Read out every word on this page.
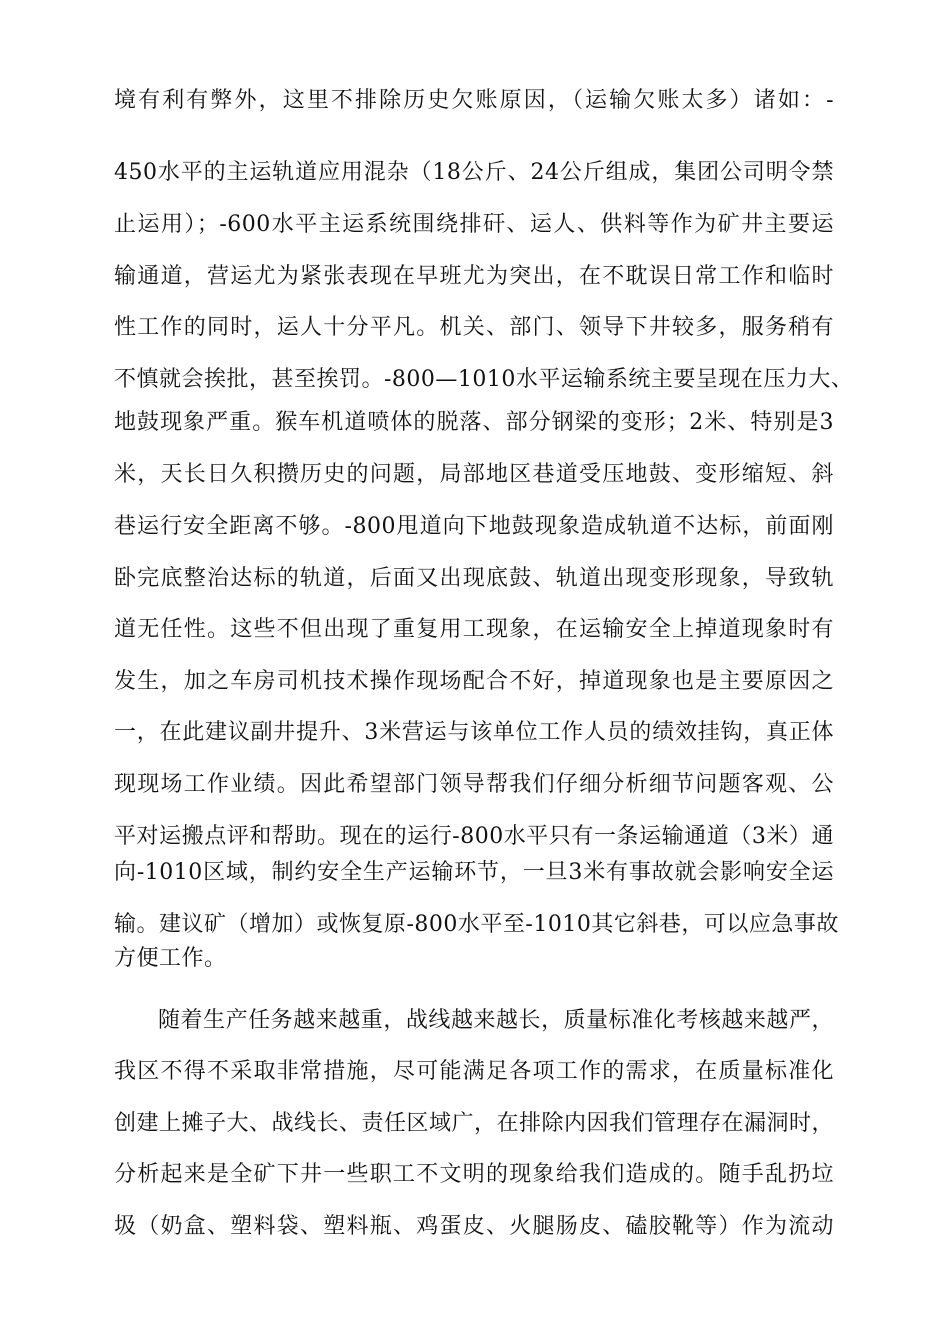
境有利有弊外，这里不排除历史欠账原因，（运输欠账太多）诸如：-
450水平的主运轨道应用混杂（18公斤、24公斤组成，集团公司明令禁
止运用）；-600水平主运系统围绕排矸、运人、供料等作为矿井主要运
输通道，营运尤为紧张表现在早班尤为突出，在不耽误日常工作和临时
性工作的同时，运人十分平凡。机关、部门、领导下井较多，服务稍有
不慎就会挨批，甚至挨罚。-800—1010水平运输系统主要呈现在压力大、
地鼓现象严重。猴车机道喷体的脱落、部分钢梁的变形；2米、特别是3
米，天长日久积攒历史的问题，局部地区巷道受压地鼓、变形缩短、斜
巷运行安全距离不够。-800甩道向下地鼓现象造成轨道不达标，前面刚
卧完底整治达标的轨道，后面又出现底鼓、轨道出现变形现象，导致轨
道无任性。这些不但出现了重复用工现象，在运输安全上掉道现象时有
发生，加之车房司机技术操作现场配合不好，掉道现象也是主要原因之
一，在此建议副井提升、3米营运与该单位工作人员的绩效挂钩，真正体
现现场工作业绩。因此希望部门领导帮我们仔细分析细节问题客观、公
平对运搬点评和帮助。现在的运行-800水平只有一条运输通道（3米）通
向-1010区域，制约安全生产运输环节，一旦3米有事故就会影响安全运
输。建议矿（增加）或恢复原-800水平至-1010其它斜巷，可以应急事故
方便工作。
随着生产任务越来越重，战线越来越长，质量标准化考核越来越严，
我区不得不采取非常措施，尽可能满足各项工作的需求，在质量标准化
创建上摊子大、战线长、责任区域广，在排除内因我们管理存在漏洞时，
分析起来是全矿下井一些职工不文明的现象给我们造成的。随手乱扔垃
圾（奶盒、塑料袋、塑料瓶、鸡蛋皮、火腿肠皮、磕胶靴等）作为流动
